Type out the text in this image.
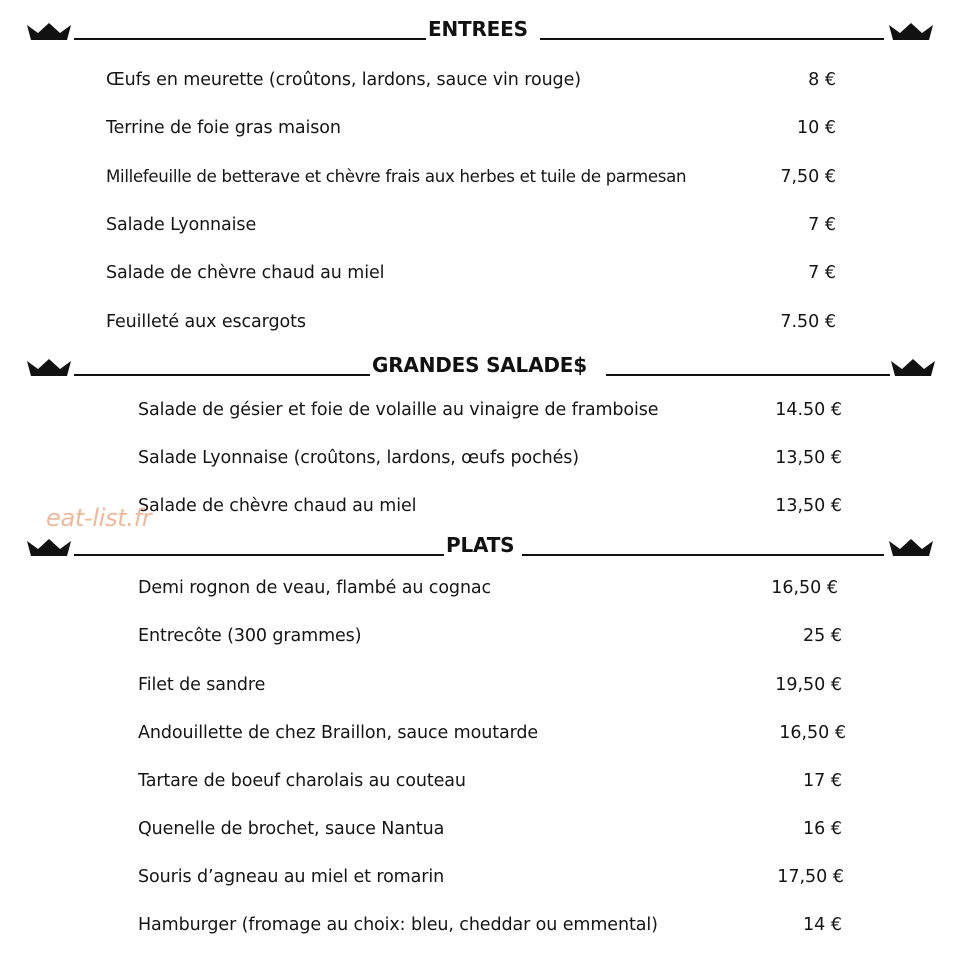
ENTREES
Œufs en meurette (croûtons, lardons, sauce vin rouge)	8 €
Terrine de foie gras maison	10 €
Millefeuille de betterave et chèvre frais aux herbes et tuile de parmesan	7,50 €
Salade Lyonnaise	7 €
Salade de chèvre chaud au miel	7 €
Feuilleté aux escargots	7.50 €
GRANDES SALADE$
Salade de gésier et foie de volaille au vinaigre de framboise	14.50 €
Salade Lyonnaise (croûtons, lardons, œufs pochés)	13,50 €
Salade de chèvre chaud au miel	13,50 €
eat-list.fr
PLATS
Demi rognon de veau, flambé au cognac	16,50 €
Entrecôte (300 grammes)	25 €
Filet de sandre	19,50 €
Andouillette de chez Braillon, sauce moutarde	16,50 €
Tartare de boeuf charolais au couteau	17 €
Quenelle de brochet, sauce Nantua	16 €
Souris d’agneau au miel et romarin	17,50 €
Hamburger (fromage au choix: bleu, cheddar ou emmental)	14 €
